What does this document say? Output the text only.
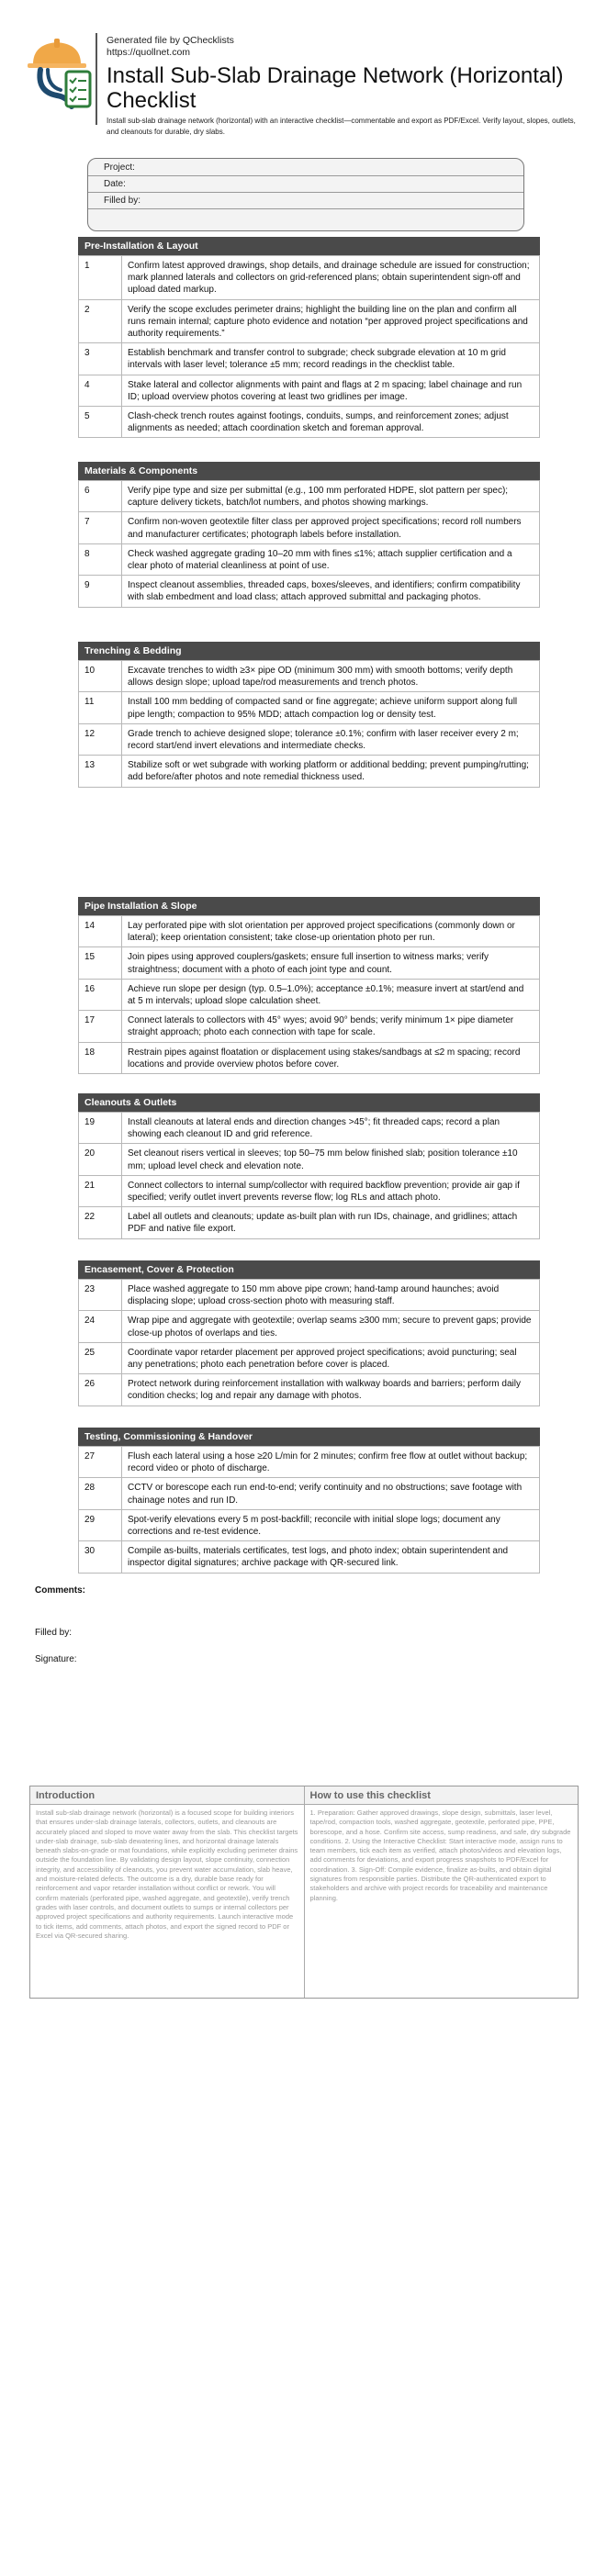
Generated file by QChecklists
https://quollnet.com
Install Sub-Slab Drainage Network (Horizontal) Checklist
Install sub-slab drainage network (horizontal) with an interactive checklist—commentable and export as PDF/Excel. Verify layout, slopes, outlets, and cleanouts for durable, dry slabs.
Project:
Date:
Filled by:
Pre-Installation & Layout
1	Confirm latest approved drawings, shop details, and drainage schedule are issued for construction; mark planned laterals and collectors on grid-referenced plans; obtain superintendent sign-off and upload dated markup.
2	Verify the scope excludes perimeter drains; highlight the building line on the plan and confirm all runs remain internal; capture photo evidence and notation “per approved project specifications and authority requirements.”
3	Establish benchmark and transfer control to subgrade; check subgrade elevation at 10 m grid intervals with laser level; tolerance ±5 mm; record readings in the checklist table.
4	Stake lateral and collector alignments with paint and flags at 2 m spacing; label chainage and run ID; upload overview photos covering at least two gridlines per image.
5	Clash-check trench routes against footings, conduits, sumps, and reinforcement zones; adjust alignments as needed; attach coordination sketch and foreman approval.
Materials & Components
6	Verify pipe type and size per submittal (e.g., 100 mm perforated HDPE, slot pattern per spec); capture delivery tickets, batch/lot numbers, and photos showing markings.
7	Confirm non-woven geotextile filter class per approved project specifications; record roll numbers and manufacturer certificates; photograph labels before installation.
8	Check washed aggregate grading 10–20 mm with fines ≤1%; attach supplier certification and a clear photo of material cleanliness at point of use.
9	Inspect cleanout assemblies, threaded caps, boxes/sleeves, and identifiers; confirm compatibility with slab embedment and load class; attach approved submittal and packaging photos.
Trenching & Bedding
10	Excavate trenches to width ≥3× pipe OD (minimum 300 mm) with smooth bottoms; verify depth allows design slope; upload tape/rod measurements and trench photos.
11	Install 100 mm bedding of compacted sand or fine aggregate; achieve uniform support along full pipe length; compaction to 95% MDD; attach compaction log or density test.
12	Grade trench to achieve designed slope; tolerance ±0.1%; confirm with laser receiver every 2 m; record start/end invert elevations and intermediate checks.
13	Stabilize soft or wet subgrade with working platform or additional bedding; prevent pumping/rutting; add before/after photos and note remedial thickness used.
Pipe Installation & Slope
14	Lay perforated pipe with slot orientation per approved project specifications (commonly down or lateral); keep orientation consistent; take close-up orientation photo per run.
15	Join pipes using approved couplers/gaskets; ensure full insertion to witness marks; verify straightness; document with a photo of each joint type and count.
16	Achieve run slope per design (typ. 0.5–1.0%); acceptance ±0.1%; measure invert at start/end and at 5 m intervals; upload slope calculation sheet.
17	Connect laterals to collectors with 45° wyes; avoid 90° bends; verify minimum 1× pipe diameter straight approach; photo each connection with tape for scale.
18	Restrain pipes against floatation or displacement using stakes/sandbags at ≤2 m spacing; record locations and provide overview photos before cover.
Cleanouts & Outlets
19	Install cleanouts at lateral ends and direction changes >45°; fit threaded caps; record a plan showing each cleanout ID and grid reference.
20	Set cleanout risers vertical in sleeves; top 50–75 mm below finished slab; position tolerance ±10 mm; upload level check and elevation note.
21	Connect collectors to internal sump/collector with required backflow prevention; provide air gap if specified; verify outlet invert prevents reverse flow; log RLs and attach photo.
22	Label all outlets and cleanouts; update as-built plan with run IDs, chainage, and gridlines; attach PDF and native file export.
Encasement, Cover & Protection
23	Place washed aggregate to 150 mm above pipe crown; hand-tamp around haunches; avoid displacing slope; upload cross-section photo with measuring staff.
24	Wrap pipe and aggregate with geotextile; overlap seams ≥300 mm; secure to prevent gaps; provide close-up photos of overlaps and ties.
25	Coordinate vapor retarder placement per approved project specifications; avoid puncturing; seal any penetrations; photo each penetration before cover is placed.
26	Protect network during reinforcement installation with walkway boards and barriers; perform daily condition checks; log and repair any damage with photos.
Testing, Commissioning & Handover
27	Flush each lateral using a hose ≥20 L/min for 2 minutes; confirm free flow at outlet without backup; record video or photo of discharge.
28	CCTV or borescope each run end-to-end; verify continuity and no obstructions; save footage with chainage notes and run ID.
29	Spot-verify elevations every 5 m post-backfill; reconcile with initial slope logs; document any corrections and re-test evidence.
30	Compile as-builts, materials certificates, test logs, and photo index; obtain superintendent and inspector digital signatures; archive package with QR-secured link.
Comments:
Filled by:
Signature:
Introduction
Install sub-slab drainage network (horizontal) is a focused scope for building interiors that ensures under-slab drainage laterals, collectors, outlets, and cleanouts are accurately placed and sloped to move water away from the slab. This checklist targets under-slab drainage, sub-slab dewatering lines, and horizontal drainage laterals beneath slabs-on-grade or mat foundations, while explicitly excluding perimeter drains outside the foundation line. By validating design layout, slope continuity, connection integrity, and accessibility of cleanouts, you prevent water accumulation, slab heave, and moisture-related defects. The outcome is a dry, durable base ready for reinforcement and vapor retarder installation without conflict or rework. You will confirm materials (perforated pipe, washed aggregate, and geotextile), verify trench grades with laser controls, and document outlets to sumps or internal collectors per approved project specifications and authority requirements. Launch interactive mode to tick items, add comments, attach photos, and export the signed record to PDF or Excel via QR-secured sharing.
How to use this checklist
1. Preparation: Gather approved drawings, slope design, submittals, laser level, tape/rod, compaction tools, washed aggregate, geotextile, perforated pipe, PPE, borescope, and a hose. Confirm site access, sump readiness, and safe, dry subgrade conditions. 2. Using the Interactive Checklist: Start interactive mode, assign runs to team members, tick each item as verified, attach photos/videos and elevation logs, add comments for deviations, and export progress snapshots to PDF/Excel for coordination. 3. Sign-Off: Compile evidence, finalize as-builts, and obtain digital signatures from responsible parties. Distribute the QR-authenticated export to stakeholders and archive with project records for traceability and maintenance planning.
